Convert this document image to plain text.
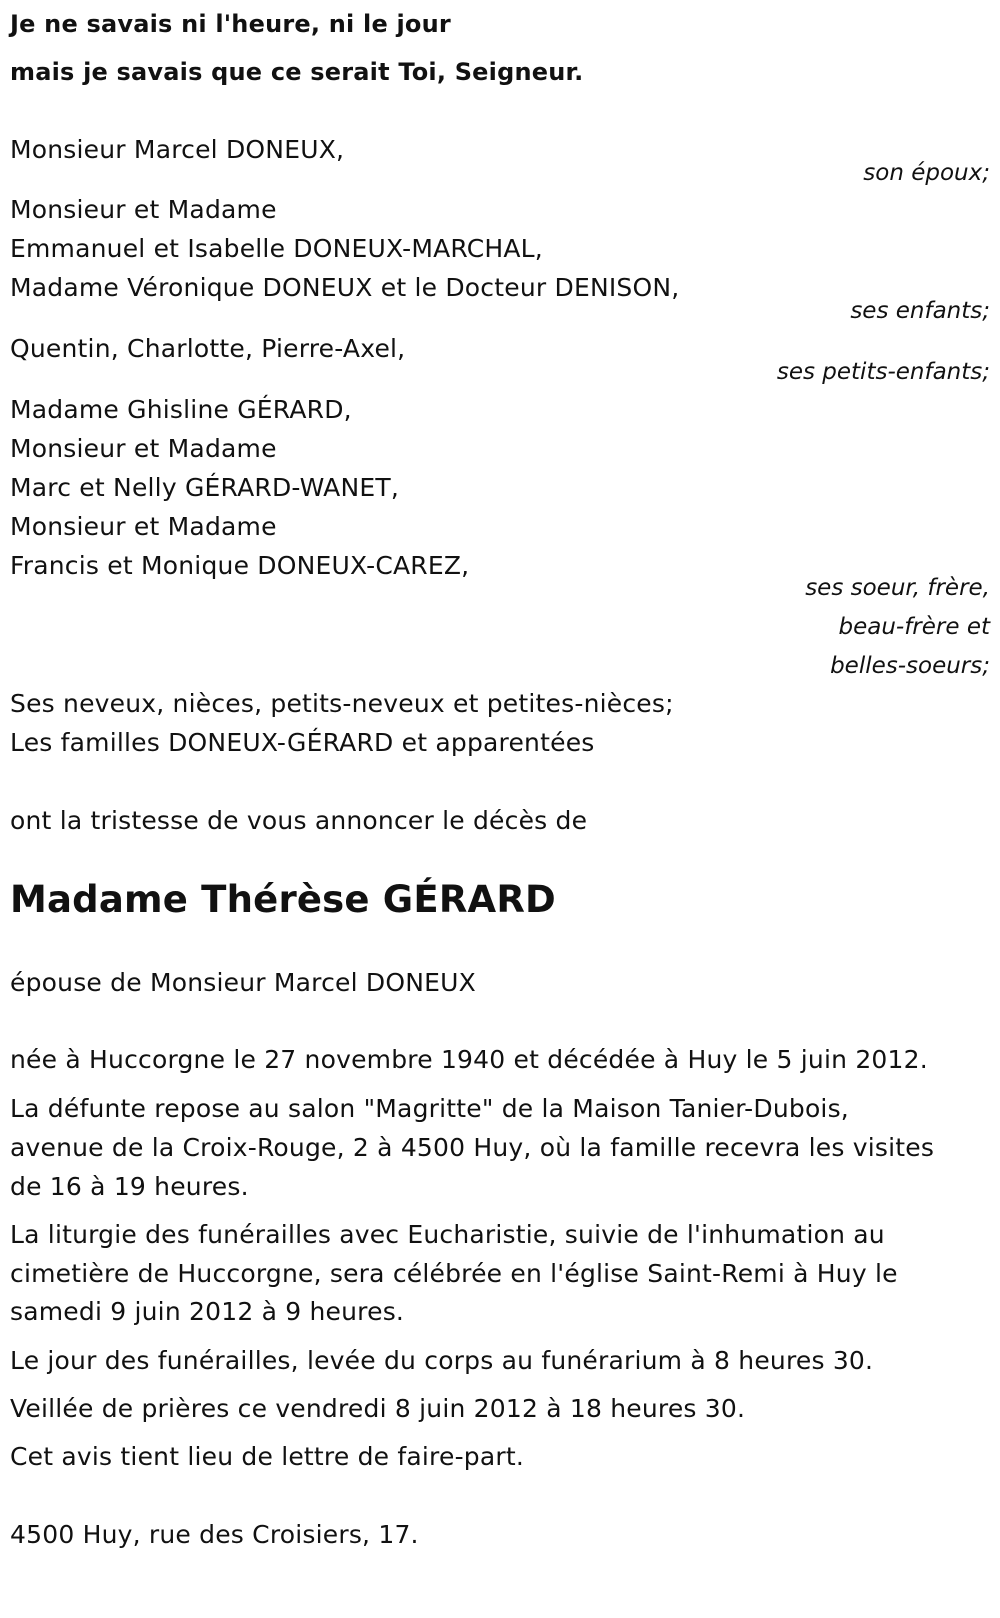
Je ne savais ni l'heure, ni le jour

mais je savais que ce serait Toi, Seigneur.

Monsieur Marcel DONEUX,

son époux;

Monsieur et Madame

Emmanuel et Isabelle DONEUX-MARCHAL,

Madame Véronique DONEUX et le Docteur DENISON,

ses enfants;

Quentin, Charlotte, Pierre-Axel,

ses petits-enfants;

Madame Ghisline GÉRARD,

Monsieur et Madame

Marc et Nelly GÉRARD-WANET,

Monsieur et Madame

Francis et Monique DONEUX-CAREZ,

ses soeur, frère,

beau-frère et

belles-soeurs;

Ses neveux, nièces, petits-neveux et petites-nièces;

Les familles DONEUX-GÉRARD et apparentées

ont la tristesse de vous annoncer le décès de

Madame Thérèse GÉRARD

épouse de Monsieur Marcel DONEUX

née à Huccorgne le 27 novembre 1940 et décédée à Huy le 5 juin 2012.

La défunte repose au salon "Magritte" de la Maison Tanier-Dubois,

avenue de la Croix-Rouge, 2 à 4500 Huy, où la famille recevra les visites

de 16 à 19 heures.

La liturgie des funérailles avec Eucharistie, suivie de l'inhumation au

cimetière de Huccorgne, sera célébrée en l'église Saint-Remi à Huy le

samedi 9 juin 2012 à 9 heures.

Le jour des funérailles, levée du corps au funérarium à 8 heures 30.

Veillée de prières ce vendredi 8 juin 2012 à 18 heures 30.

Cet avis tient lieu de lettre de faire-part.

4500 Huy, rue des Croisiers, 17.
